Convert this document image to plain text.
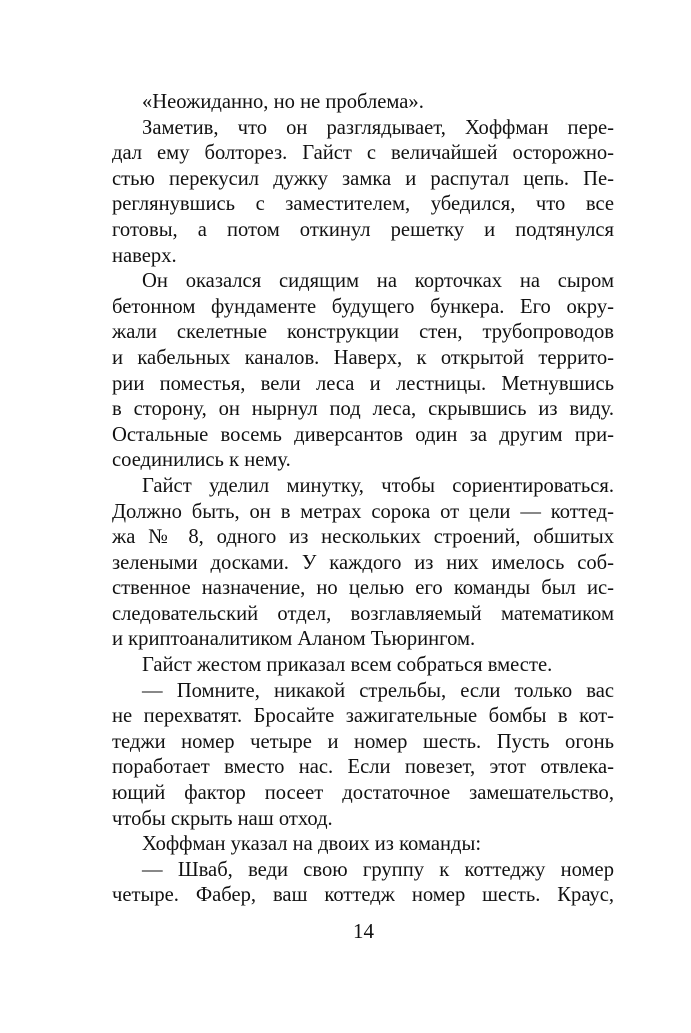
«Неожиданно, но не проблема».
Заметив, что он разглядывает, Хоффман пере-
дал ему болторез. Гайст с величайшей осторожно-
стью перекусил дужку замка и распутал цепь. Пе-
реглянувшись с заместителем, убедился, что все
готовы, а потом откинул решетку и подтянулся
наверх.
Он оказался сидящим на корточках на сыром
бетонном фундаменте будущего бункера. Его окру-
жали скелетные конструкции стен, трубопроводов
и кабельных каналов. Наверх, к открытой террито-
рии поместья, вели леса и лестницы. Метнувшись
в сторону, он нырнул под леса, скрывшись из виду.
Остальные восемь диверсантов один за другим при-
соединились к нему.
Гайст уделил минутку, чтобы сориентироваться.
Должно быть, он в метрах сорока от цели — коттед-
жа № 8, одного из нескольких строений, обшитых
зелеными досками. У каждого из них имелось соб-
ственное назначение, но целью его команды был ис-
следовательский отдел, возглавляемый математиком
и криптоаналитиком Аланом Тьюрингом.
Гайст жестом приказал всем собраться вместе.
— Помните, никакой стрельбы, если только вас
не перехватят. Бросайте зажигательные бомбы в кот-
теджи номер четыре и номер шесть. Пусть огонь
поработает вместо нас. Если повезет, этот отвлека-
ющий фактор посеет достаточное замешательство,
чтобы скрыть наш отход.
Хоффман указал на двоих из команды:
— Шваб, веди свою группу к коттеджу номер
четыре. Фабер, ваш коттедж номер шесть. Краус,
14
